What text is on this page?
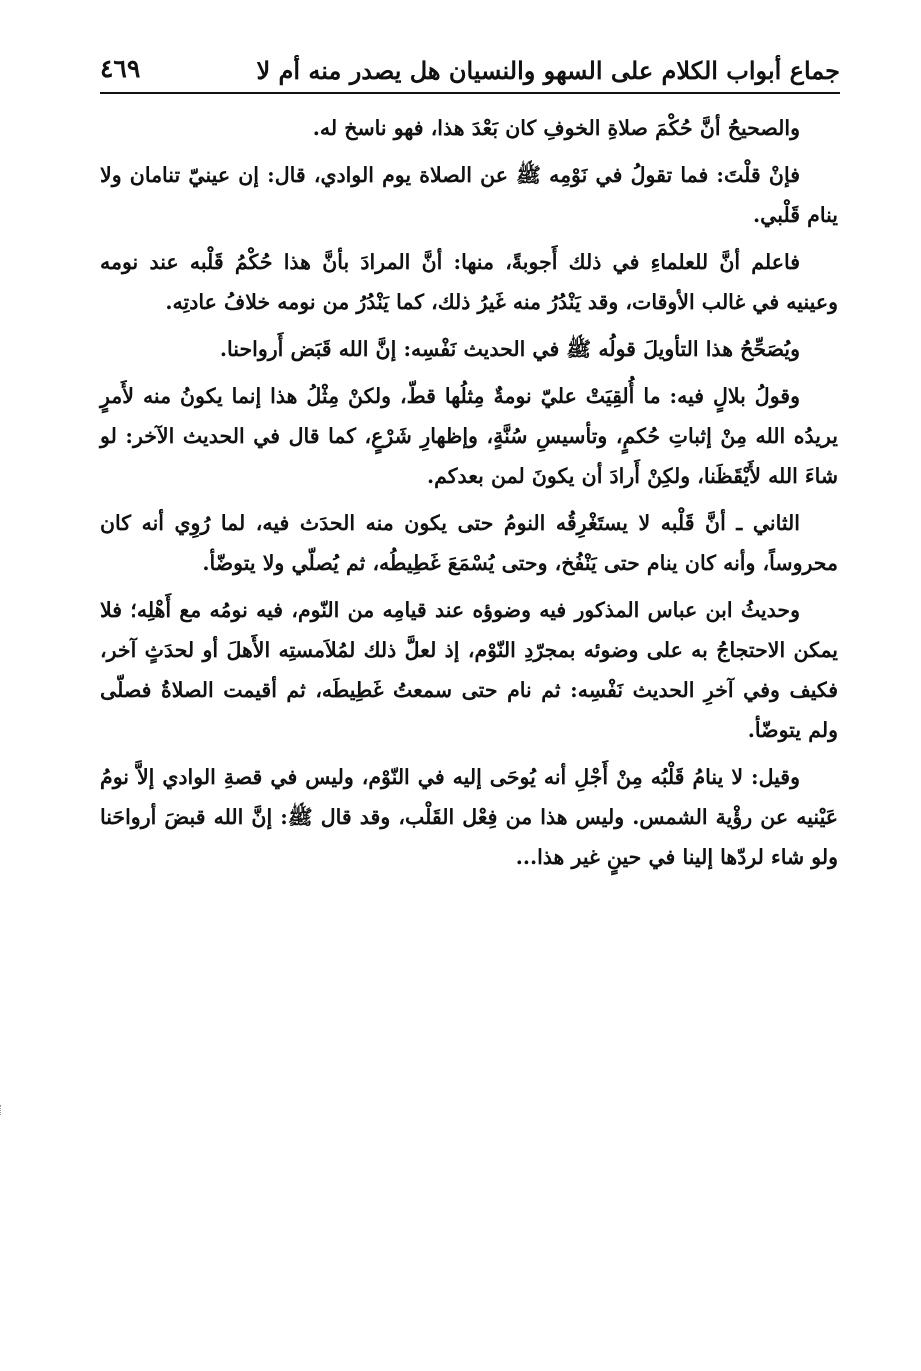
جماع أبواب الكلام على السهو والنسيان هل يصدر منه أم لا
٤٦٩

والصحيحُ أنَّ حُكْمَ صلاةِ الخوفِ كان بَعْدَ هذا، فهو ناسخ له.

فإنْ قلْتَ: فما تقولُ في نَوْمِه ﷺ عن الصلاة يوم الوادي، قال: إن عينيّ تنامان ولا ينام قَلْبي.

فاعلم أنَّ للعلماءِ في ذلك أَجوبةً، منها: أنَّ المرادَ بأنَّ هذا حُكْمُ قَلْبه عند نومه وعينيه في غالب الأوقات، وقد يَنْدُرُ منه غَيرُ ذلك، كما يَنْدُرُ من نومه خلافُ عادتِه.

ويُصَحِّحُ هذا التأويلَ قولُه ﷺ في الحديث نَفْسِه: إنَّ الله قَبَض أَرواحنا.

وقولُ بلالٍ فيه: ما أُلقِيَتْ عليّ نومةٌ مِثلُها قطّ، ولكنْ مِثْلُ هذا إنما يكونُ منه لأَمرٍ يريدُه الله مِنْ إثباتِ حُكمٍ، وتأسيسِ سُنَّةٍ، وإظهارِ شَرْعٍ، كما قال في الحديث الآخر: لو شاءَ الله لأَيْقَظَنا، ولكِنْ أَرادَ أن يكونَ لمن بعدكم.

الثاني ـ أنَّ قَلْبه لا يستَغْرِقُه النومُ حتى يكون منه الحدَث فيه، لما رُوِي أنه كان محروساً، وأنه كان ينام حتى يَنْفُخ، وحتى يُسْمَعَ غَطِيطُه، ثم يُصلّي ولا يتوضّأ.

وحديثُ ابن عباس المذكور فيه وضوؤه عند قيامِه من النّوم، فيه نومُه مع أَهْلِه؛ فلا يمكن الاحتجاجُ به على وضوئه بمجرّدِ النّوْم، إذ لعلَّ ذلك لمُلاَمستِه الأَهلَ أو لحدَثٍ آخر، فكيف وفي آخرِ الحديث نَفْسِه: ثم نام حتى سمعتُ غَطِيطَه، ثم أقيمت الصلاةُ فصلّى ولم يتوضّأ.

وقيل: لا ينامُ قَلْبُه مِنْ أَجْلِ أنه يُوحَى إليه في النّوْم، وليس في قصةِ الوادي إلاَّ نومُ عَيْنيه عن رؤْية الشمس. وليس هذا من فِعْل القَلْب، وقد قال ﷺ: إنَّ الله قبضَ أرواحَنا ولو شاء لردّها إلينا في حينٍ غير هذا...
